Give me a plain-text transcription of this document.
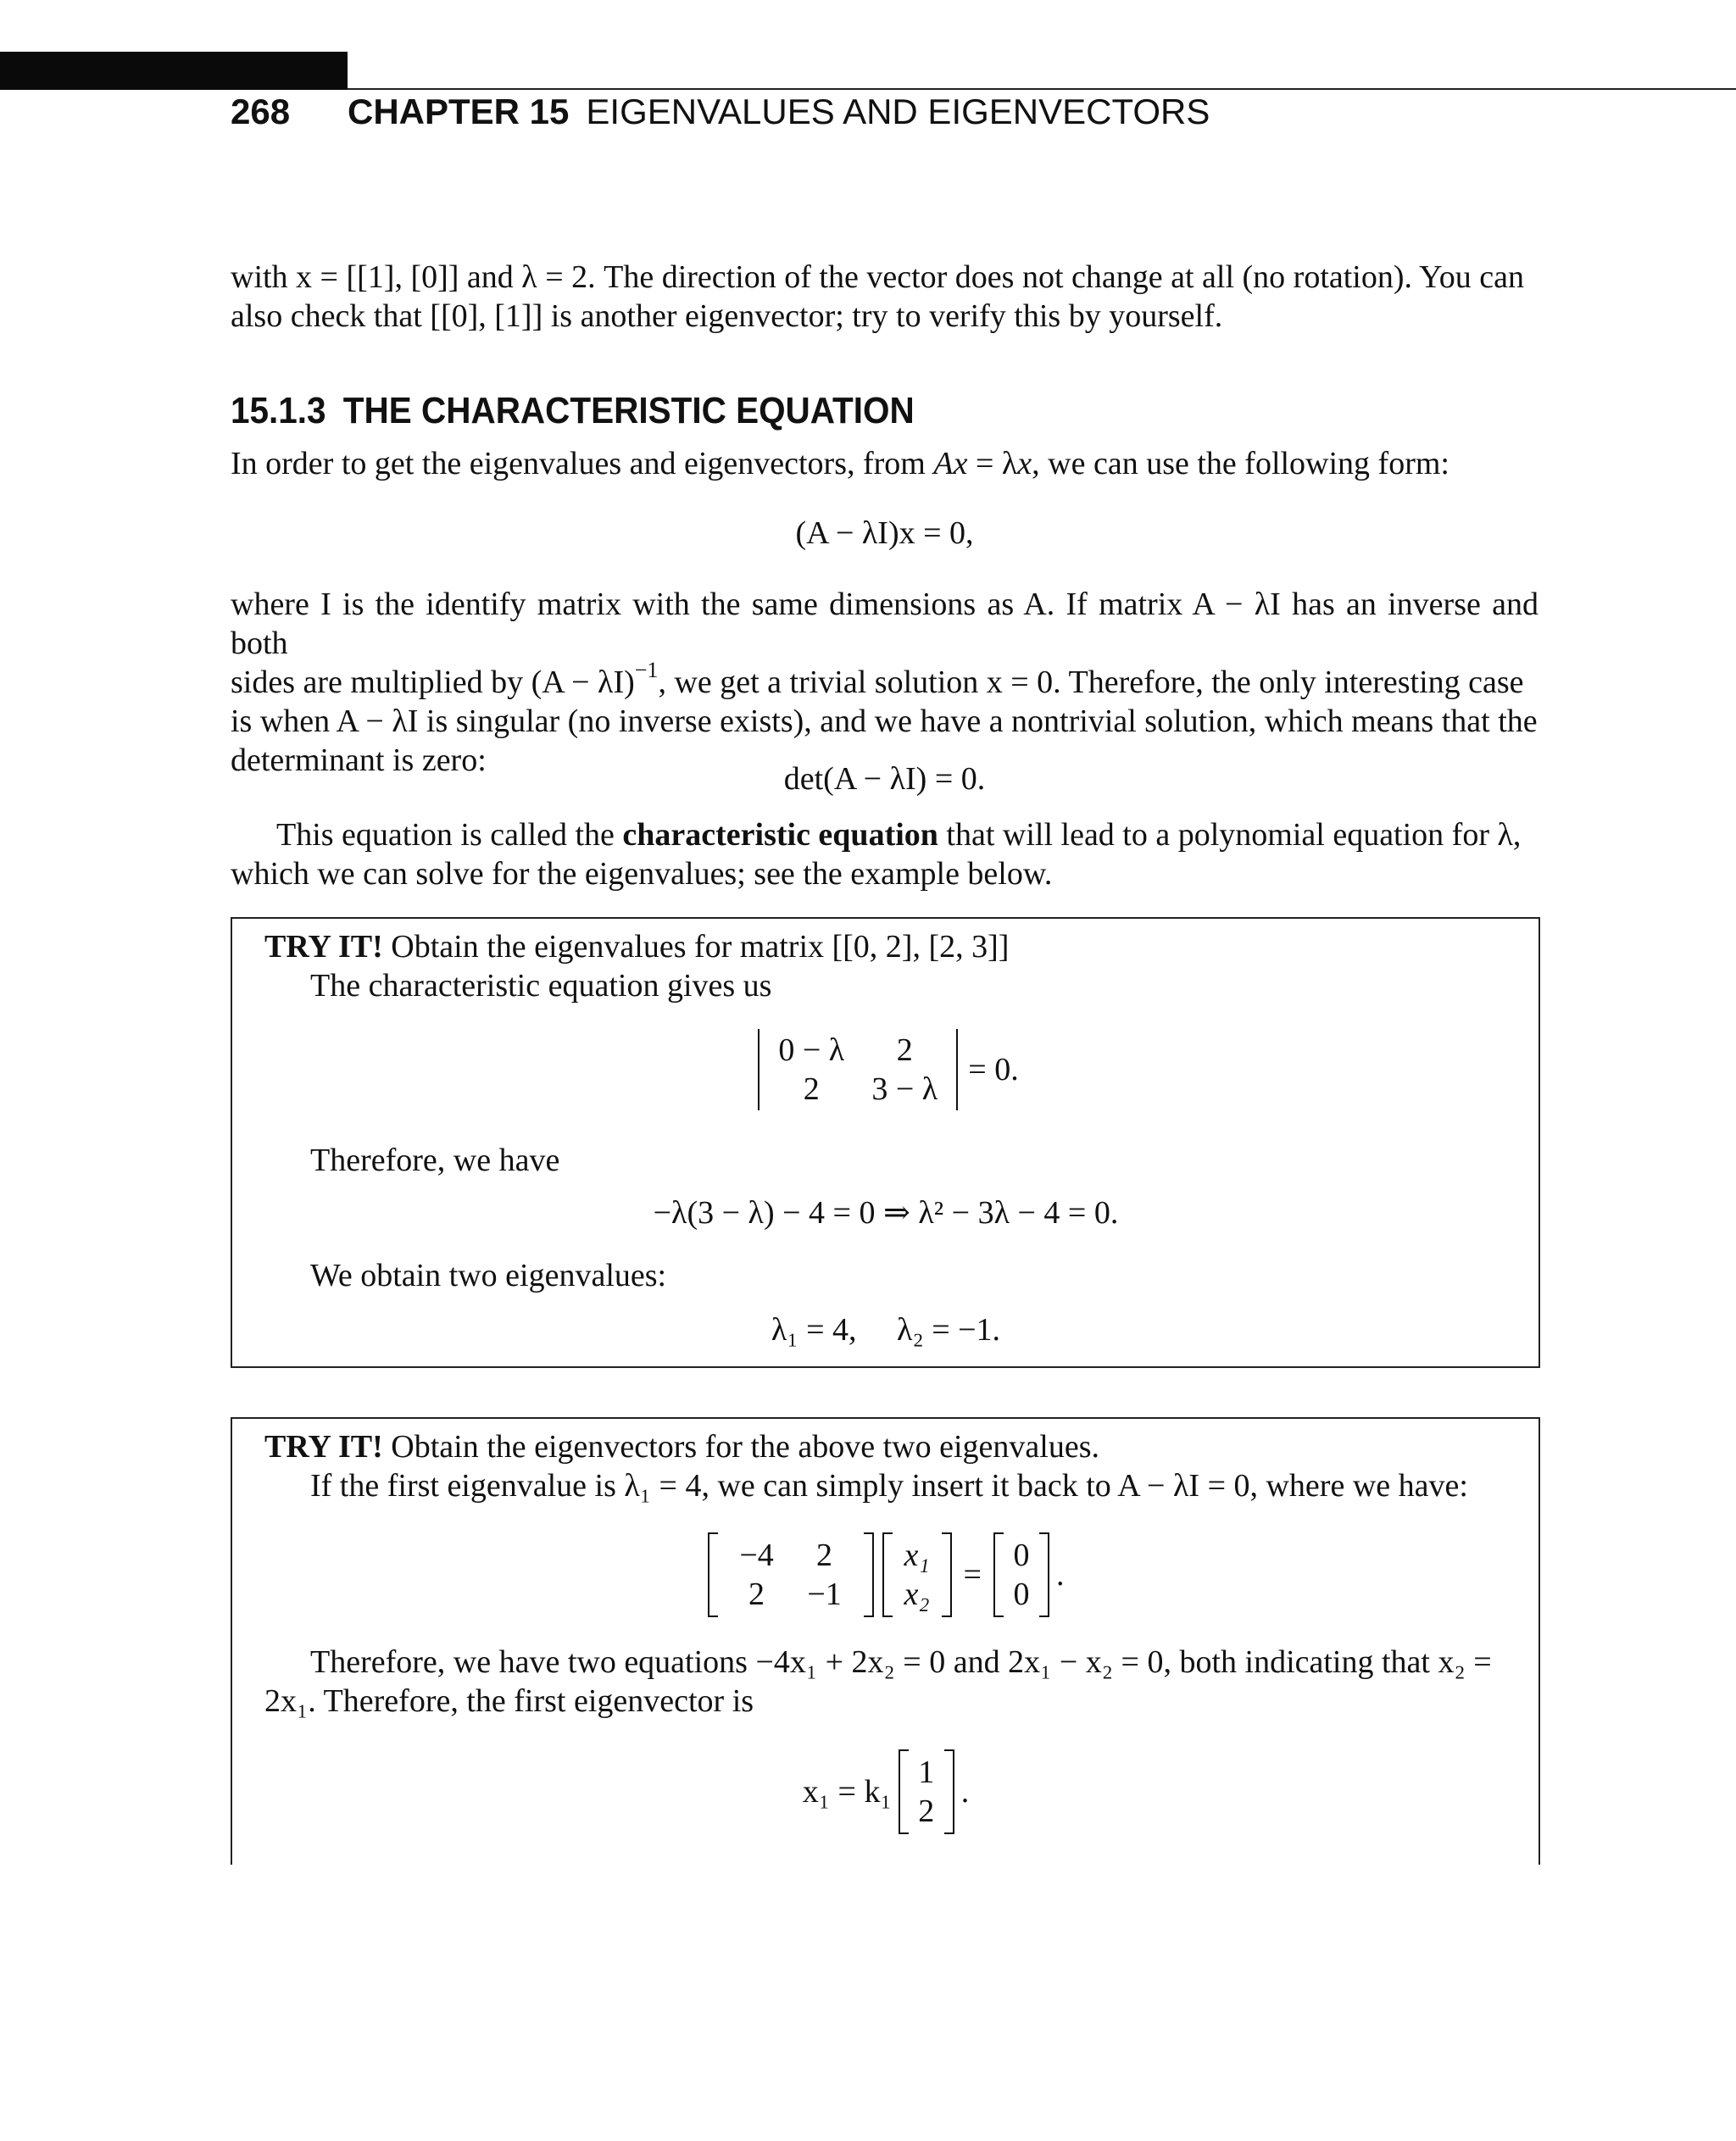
268	CHAPTER 15 EIGENVALUES AND EIGENVECTORS
with x = [[1], [0]] and λ = 2. The direction of the vector does not change at all (no rotation). You can
also check that [[0], [1]] is another eigenvector; try to verify this by yourself.
15.1.3 THE CHARACTERISTIC EQUATION
In order to get the eigenvalues and eigenvectors, from Ax = λx, we can use the following form:
(A − λI)x = 0,
where I is the identify matrix with the same dimensions as A. If matrix A − λI has an inverse and both
sides are multiplied by $(A - \lambda I)^{-1}$, we get a trivial solution x = 0. Therefore, the only interesting case
is when A − λI is singular (no inverse exists), and we have a nontrivial solution, which means that the
determinant is zero:
det(A − λI) = 0.
This equation is called the characteristic equation that will lead to a polynomial equation for λ,
which we can solve for the eigenvalues; see the example below.
TRY IT! Obtain the eigenvalues for matrix [[0, 2], [2, 3]]
The characteristic equation gives us
0 − λ	2
2	3 − λ
= 0.
Therefore, we have
−λ(3 − λ) − 4 = 0 ⇒ λ² − 3λ − 4 = 0.
We obtain two eigenvalues:
λ₁ = 4,     λ₂ = −1.
TRY IT! Obtain the eigenvectors for the above two eigenvalues.
If the first eigenvalue is λ₁ = 4, we can simply insert it back to A − λI = 0, where we have:
−4	2
2	−1
x₁
x₂
=
0
0
.
Therefore, we have two equations −4x₁ + 2x₂ = 0 and 2x₁ − x₂ = 0, both indicating that x₂ =
2x₁. Therefore, the first eigenvector is
x₁ = k₁
1
2
.
